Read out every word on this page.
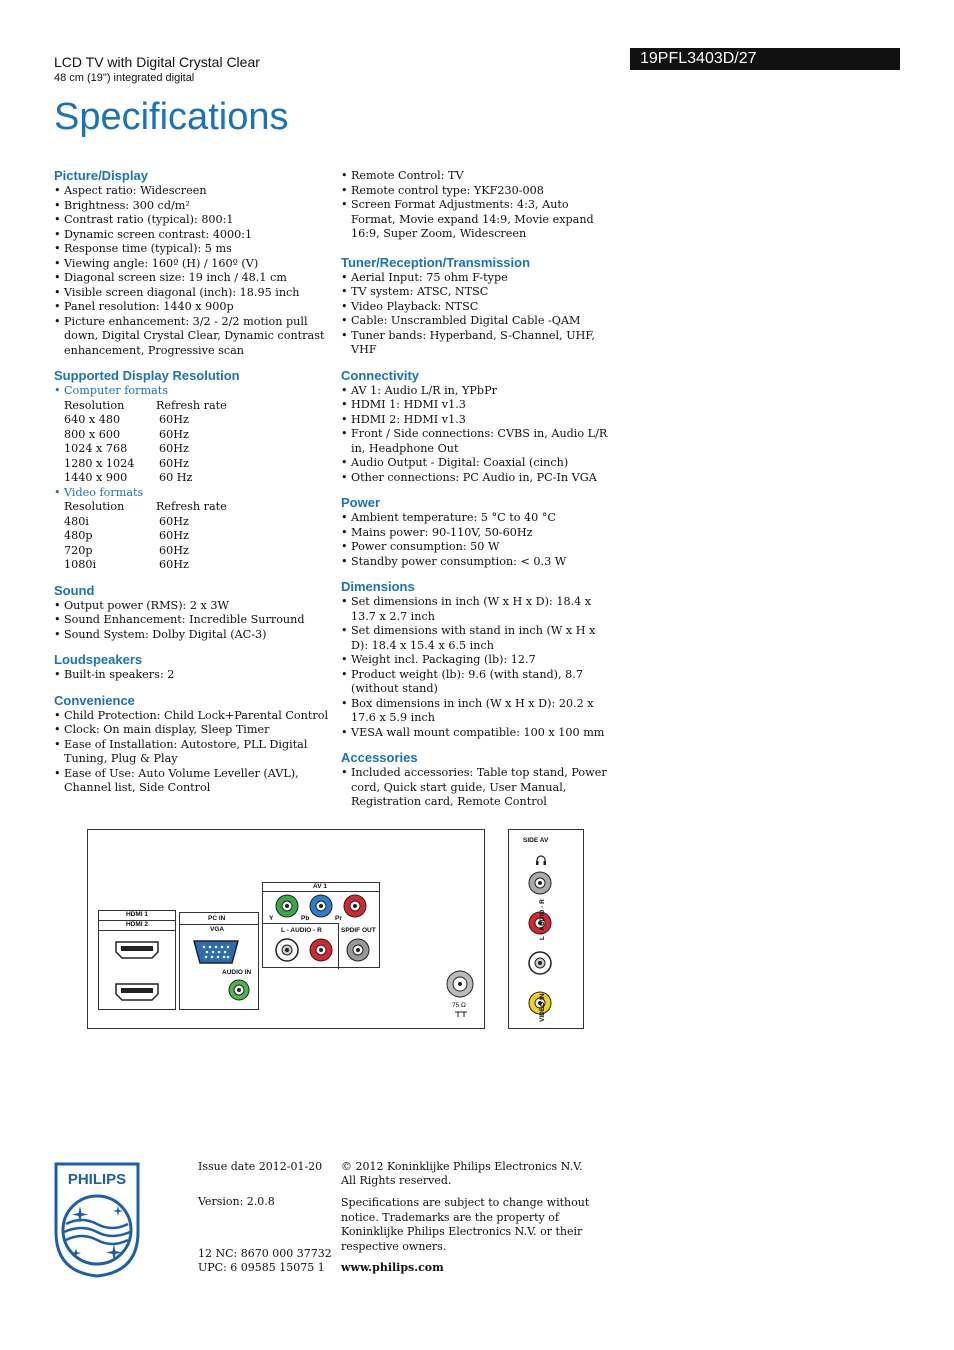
LCD TV with Digital Crystal Clear
48 cm (19") integrated digital
19PFL3403D/27
Specifications
Picture/Display
• Aspect ratio: Widescreen
• Brightness: 300 cd/m²
• Contrast ratio (typical): 800:1
• Dynamic screen contrast: 4000:1
• Response time (typical): 5 ms
• Viewing angle: 160º (H) / 160º (V)
• Diagonal screen size: 19 inch / 48.1 cm
• Visible screen diagonal (inch): 18.95 inch
• Panel resolution: 1440 x 900p
• Picture enhancement: 3/2 - 2/2 motion pull down, Digital Crystal Clear, Dynamic contrast enhancement, Progressive scan
Supported Display Resolution
• Computer formats
Resolution	Refresh rate
640 x 480	60Hz
800 x 600	60Hz
1024 x 768	60Hz
1280 x 1024	60Hz
1440 x 900	60 Hz
• Video formats
Resolution	Refresh rate
480i	60Hz
480p	60Hz
720p	60Hz
1080i	60Hz
Sound
• Output power (RMS): 2 x 3W
• Sound Enhancement: Incredible Surround
• Sound System: Dolby Digital (AC-3)
Loudspeakers
• Built-in speakers: 2
Convenience
• Child Protection: Child Lock+Parental Control
• Clock: On main display, Sleep Timer
• Ease of Installation: Autostore, PLL Digital Tuning, Plug & Play
• Ease of Use: Auto Volume Leveller (AVL), Channel list, Side Control
• Remote Control: TV
• Remote control type: YKF230-008
• Screen Format Adjustments: 4:3, Auto Format, Movie expand 14:9, Movie expand 16:9, Super Zoom, Widescreen
Tuner/Reception/Transmission
• Aerial Input: 75 ohm F-type
• TV system: ATSC, NTSC
• Video Playback: NTSC
• Cable: Unscrambled Digital Cable -QAM
• Tuner bands: Hyperband, S-Channel, UHF, VHF
Connectivity
• AV 1: Audio L/R in, YPbPr
• HDMI 1: HDMI v1.3
• HDMI 2: HDMI v1.3
• Front / Side connections: CVBS in, Audio L/R in, Headphone Out
• Audio Output - Digital: Coaxial (cinch)
• Other connections: PC Audio in, PC-In VGA
Power
• Ambient temperature: 5 °C to 40 °C
• Mains power: 90-110V, 50-60Hz
• Power consumption: 50 W
• Standby power consumption: < 0.3 W
Dimensions
• Set dimensions in inch (W x H x D): 18.4 x 13.7 x 2.7 inch
• Set dimensions with stand in inch (W x H x D): 18.4 x 15.4 x 6.5 inch
• Weight incl. Packaging (lb): 12.7
• Product weight (lb): 9.6 (with stand), 8.7 (without stand)
• Box dimensions in inch (W x H x D): 20.2 x 17.6 x 5.9 inch
• VESA wall mount compatible: 100 x 100 mm
Accessories
• Included accessories: Table top stand, Power cord, Quick start guide, User Manual, Registration card, Remote Control
HDMI 1
HDMI 2
PC IN
VGA
AUDIO IN
AV 1
Y	Pb	Pr
L - AUDIO - R	SPDIF OUT
75 Ω
SIDE AV
L - AUDIO - R
VIDEO IN
PHILIPS
Issue date 2012-01-20
Version: 2.0.8
12 NC: 8670 000 37732
UPC: 6 09585 15075 1
© 2012 Koninklijke Philips Electronics N.V.
All Rights reserved.
Specifications are subject to change without notice. Trademarks are the property of Koninklijke Philips Electronics N.V. or their respective owners.
www.philips.com
